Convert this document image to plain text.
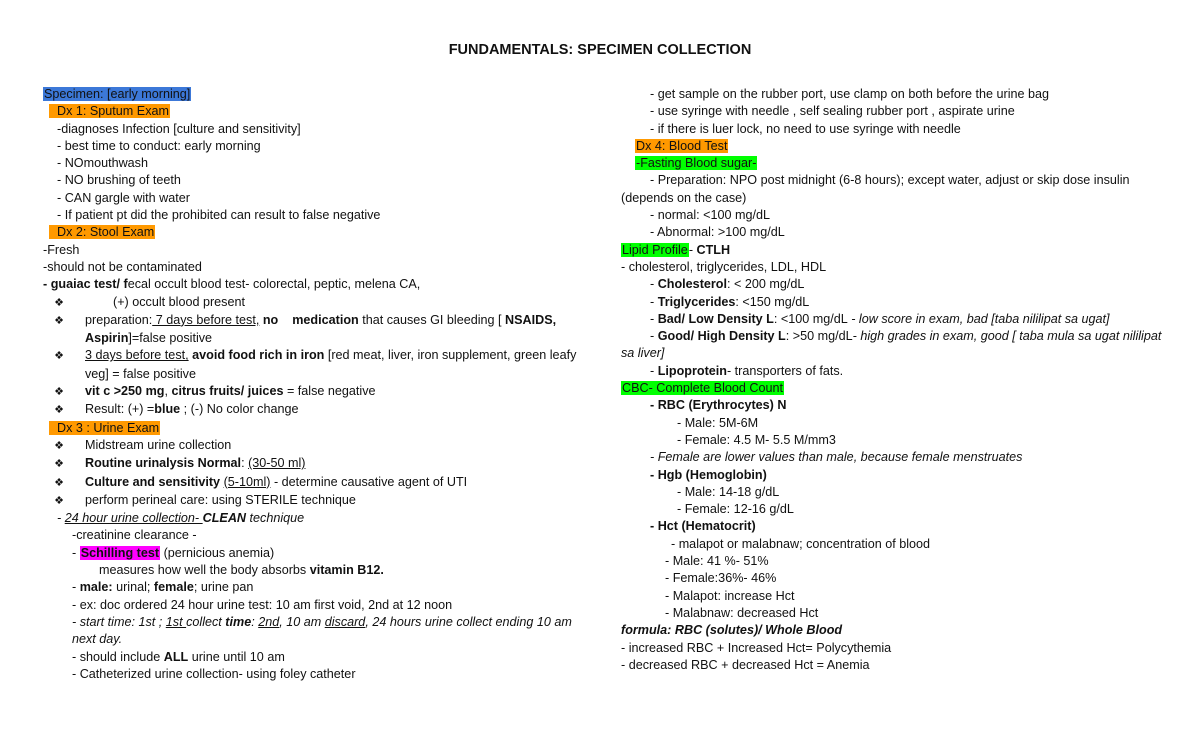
FUNDAMENTALS: SPECIMEN COLLECTION
Specimen: [early morning]
Dx 1: Sputum Exam
-diagnoses Infection [culture and sensitivity]
- best time to conduct: early morning
- NOmouthwash
- NO brushing of teeth
- CAN gargle with water
- If patient pt did the prohibited can result to false negative
Dx 2: Stool Exam
-Fresh
-should not be contaminated
- guaiac test/ fecal occult blood test- colorectal, peptic, melena CA,
❖	(+) occult blood present
❖ preparation: 7 days before test, no medication that causes GI bleeding [ NSAIDS, Aspirin]=false positive
❖ 3 days before test, avoid food rich in iron [red meat, liver, iron supplement, green leafy veg] = false positive
❖ vit c >250 mg, citrus fruits/ juices = false negative
❖ Result: (+) =blue ; (-) No color change
Dx 3 : Urine Exam
❖ Midstream urine collection
❖ Routine urinalysis Normal: (30-50 ml)
❖ Culture and sensitivity (5-10ml) - determine causative agent of UTI
❖ perform perineal care: using STERILE technique
- 24 hour urine collection- CLEAN technique
-creatinine clearance -
- Schilling test (pernicious anemia)
measures how well the body absorbs vitamin B12.
- male: urinal; female; urine pan
- ex: doc ordered 24 hour urine test: 10 am first void, 2nd at 12 noon
- start time: 1st ; 1st collect time: 2nd, 10 am discard, 24 hours urine collect ending 10 am next day.
- should include ALL urine until 10 am
- Catheterized urine collection- using foley catheter
- get sample on the rubber port, use clamp on both before the urine bag
- use syringe with needle , self sealing rubber port , aspirate urine
- if there is luer lock, no need to use syringe with needle
Dx 4: Blood Test
-Fasting Blood sugar-
- Preparation: NPO post midnight (6-8 hours); except water, adjust or skip dose insulin (depends on the case)
- normal: <100 mg/dL
- Abnormal: >100 mg/dL
Lipid Profile- CTLH
- cholesterol, triglycerides, LDL, HDL
- Cholesterol: < 200 mg/dL
- Triglycerides: <150 mg/dL
- Bad/ Low Density L: <100 mg/dL - low score in exam, bad [taba nililipat sa ugat]
- Good/ High Density L: >50 mg/dL- high grades in exam, good [ taba mula sa ugat nililipat sa liver]
- Lipoprotein- transporters of fats.
CBC- Complete Blood Count
- RBC (Erythrocytes) N
- Male: 5M-6M
- Female: 4.5 M- 5.5 M/mm3
- Female are lower values than male, because female menstruates
- Hgb (Hemoglobin)
- Male: 14-18 g/dL
- Female: 12-16 g/dL
- Hct (Hematocrit)
- malapot or malabnaw; concentration of blood
- Male: 41 %- 51%
- Female:36%- 46%
- Malapot: increase Hct
- Malabnaw: decreased Hct
formula: RBC (solutes)/ Whole Blood
- increased RBC + Increased Hct= Polycythemia
- decreased RBC + decreased Hct = Anemia
